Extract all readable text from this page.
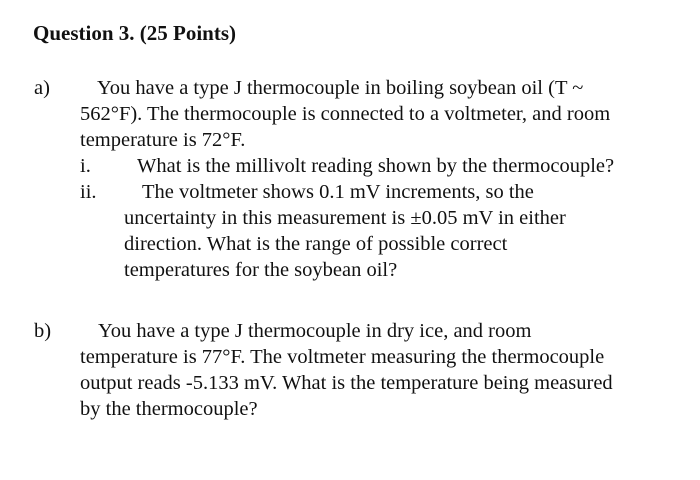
Question 3. (25 Points)
a) You have a type J thermocouple in boiling soybean oil (T ~
562°F). The thermocouple is connected to a voltmeter, and room
temperature is 72°F.
i. What is the millivolt reading shown by the thermocouple?
ii. The voltmeter shows 0.1 mV increments, so the
uncertainty in this measurement is ±0.05 mV in either
direction. What is the range of possible correct
temperatures for the soybean oil?
b) You have a type J thermocouple in dry ice, and room
temperature is 77°F. The voltmeter measuring the thermocouple
output reads -5.133 mV. What is the temperature being measured
by the thermocouple?
